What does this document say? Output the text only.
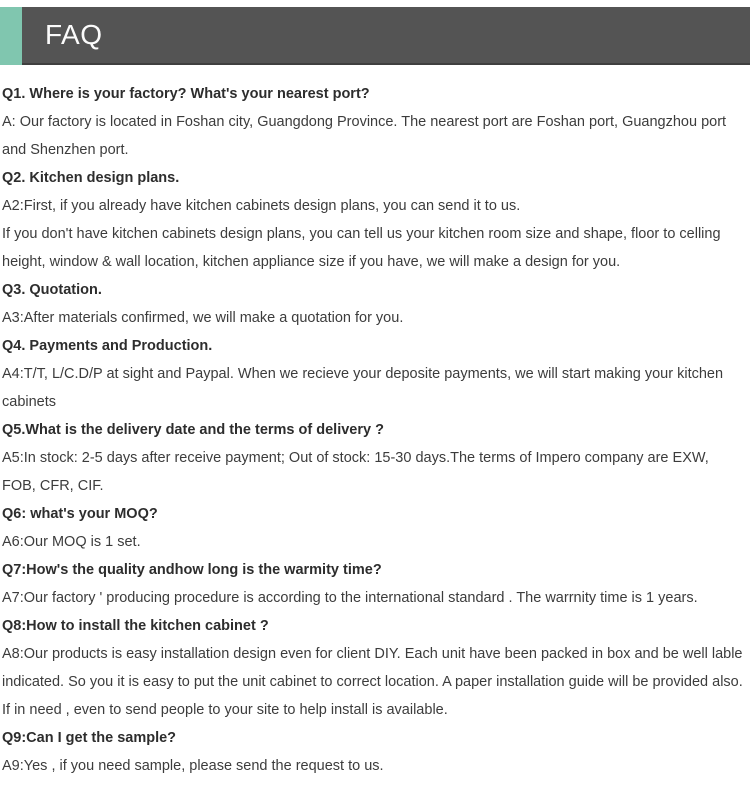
FAQ
Q1. Where is your factory? What's your nearest port?
A: Our factory is located in Foshan city, Guangdong Province. The nearest port are Foshan port, Guangzhou port and Shenzhen port.
Q2. Kitchen design plans.
A2:First, if you already have kitchen cabinets design plans, you can send it to us.
If you don't have kitchen cabinets design plans, you can tell us your kitchen room size and shape, floor to celling height, window & wall location, kitchen appliance size if you have, we will make a design for you.
Q3. Quotation.
A3:After materials confirmed, we will make a quotation for you.
Q4. Payments and Production.
A4:T/T, L/C.D/P at sight and Paypal. When we recieve your deposite payments, we will start making your kitchen cabinets
Q5.What is the delivery date and the terms of delivery ?
A5:In stock: 2-5 days after receive payment; Out of stock: 15-30 days.The terms of Impero company are EXW, FOB, CFR, CIF.
Q6: what's your MOQ?
A6:Our MOQ is 1 set.
Q7:How's the quality andhow long is the warmity time?
A7:Our factory ' producing procedure is according to the international standard . The warrnity time is 1 years.
Q8:How to install the kitchen cabinet ?
A8:Our products is easy installation design even for client DIY. Each unit have been packed in box and be well lable indicated. So you it is easy to put the unit cabinet to correct location. A paper installation guide will be provided also. If in need , even to send people to your site to help install is available.
Q9:Can I get the sample?
A9:Yes , if you need sample, please send the request to us.
